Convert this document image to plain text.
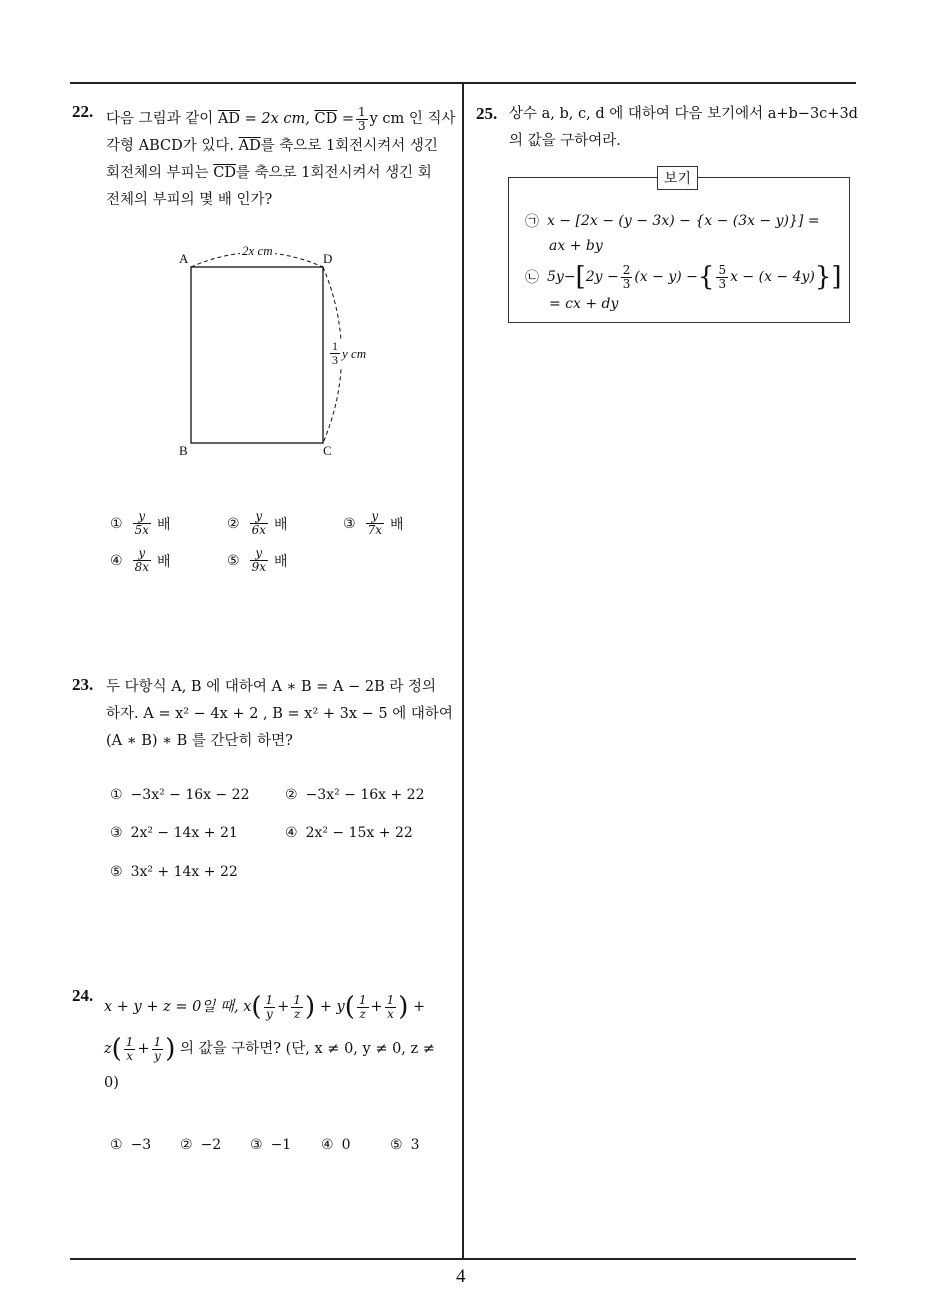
4
22. 다음 그림과 같이
$\overline{AD}$
= 2x cm,
$\overline{CD}$
= $\frac{1}{3}$ y cm 인 직사
각형 ABCD가 있다. $\overline{AD}$를 축으로 1회전시켜서 생긴
회전체의 부피는 $\overline{CD}$를 축으로 1회전시켜서 생긴 회
전체의 부피의 몇 배 인가?
A	D
B	C
2x cm
$\frac{1}{3}$ y cm
① $\frac{y}{5x}$ 배	② $\frac{y}{6x}$ 배	③ $\frac{y}{7x}$ 배
④ $\frac{y}{8x}$ 배	⑤ $\frac{y}{9x}$ 배
23. 두 다항식 A, B 에 대하여 A ∗ B = A − 2B 라 정의
하자. A = x² − 4x + 2 , B = x² + 3x − 5 에 대하여
(A ∗ B) ∗ B 를 간단히 하면?
① −3x² − 16x − 22	② −3x² − 16x + 22
③ 2x² − 14x + 21	④ 2x² − 15x + 22
⑤ 3x² + 14x + 22
24.
x + y + z = 0일 때,
x ( $\frac{1}{y} + \frac{1}{z}$ ) + y ( $\frac{1}{z} + \frac{1}{x}$ ) +
z ( $\frac{1}{x} + \frac{1}{y}$ )
의 값을 구하면? (단, x ≠ 0, y ≠ 0, z ≠
0)
① −3 ② −2 ③ −1 ④ 0	⑤ 3
25. 상수 a, b, c, d 에 대하여 다음 보기에서 a+b−3c+3d
의 값을 구하여라.
보기
㉠ x − [2x − (y − 3x) − {x − (3x − y)}] =
ax + by
㉡ 5y− [ $2y - \frac{2}{3} (x - y)$ − { $\frac{5}{3}$ x − (x − 4y) }]
= cx + dy
